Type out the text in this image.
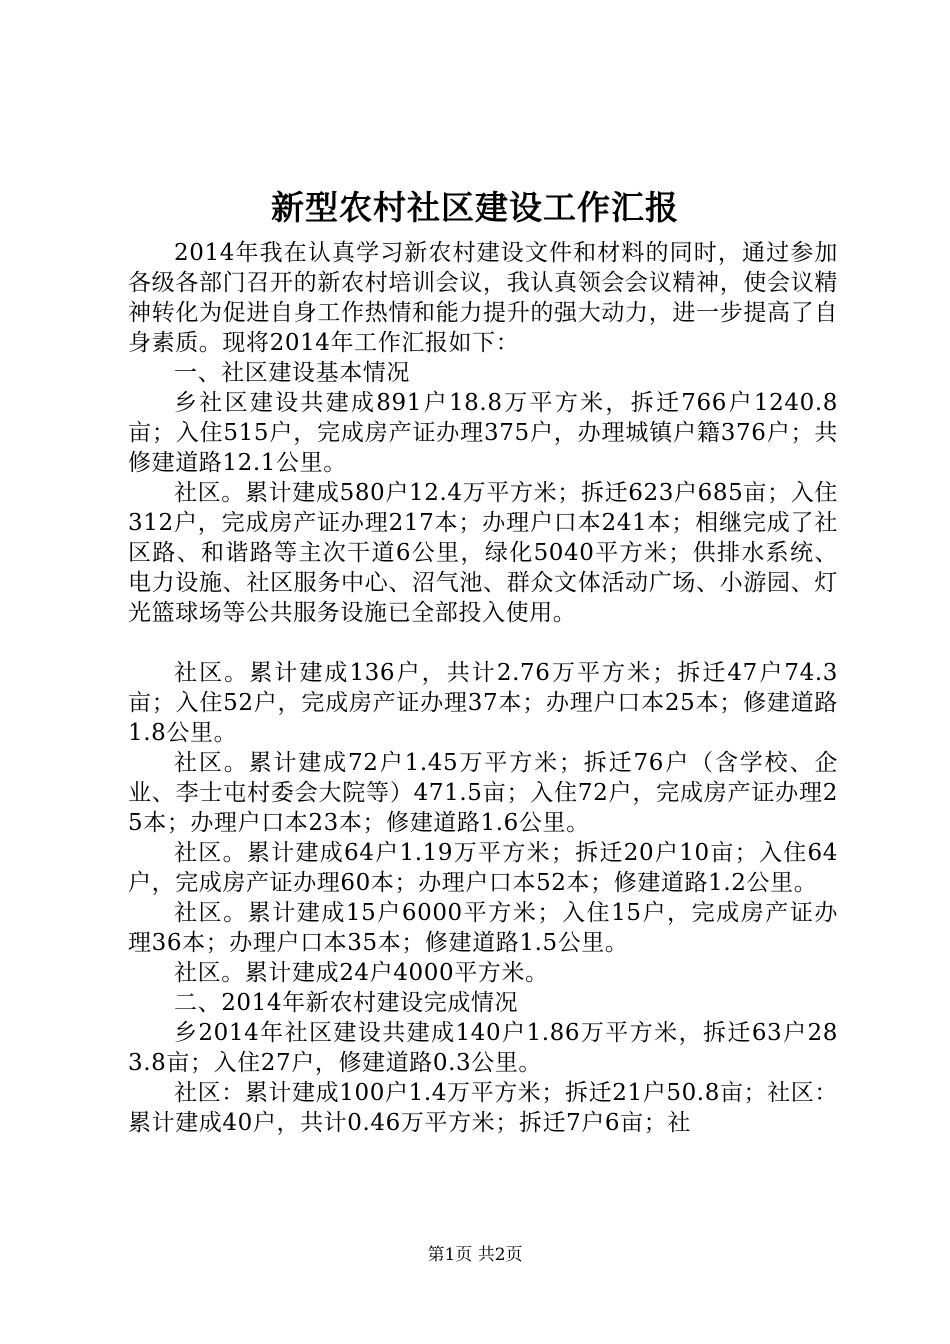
新型农村社区建设工作汇报

2014年我在认真学习新农村建设文件和材料的同时，通过参加各级各部门召开的新农村培训会议，我认真领会会议精神，使会议精神转化为促进自身工作热情和能力提升的强大动力，进一步提高了自身素质。现将2014年工作汇报如下：

一、社区建设基本情况

乡社区建设共建成891户18.8万平方米，拆迁766户1240.8亩；入住515户，完成房产证办理375户，办理城镇户籍376户；共修建道路12.1公里。

社区。累计建成580户12.4万平方米；拆迁623户685亩；入住312户，完成房产证办理217本；办理户口本241本；相继完成了社区路、和谐路等主次干道6公里，绿化5040平方米；供排水系统、电力设施、社区服务中心、沼气池、群众文体活动广场、小游园、灯光篮球场等公共服务设施已全部投入使用。

社区。累计建成136户，共计2.76万平方米；拆迁47户74.3亩；入住52户，完成房产证办理37本；办理户口本25本；修建道路1.8公里。

社区。累计建成72户1.45万平方米；拆迁76户（含学校、企业、李士屯村委会大院等）471.5亩；入住72户，完成房产证办理25本；办理户口本23本；修建道路1.6公里。

社区。累计建成64户1.19万平方米；拆迁20户10亩；入住64户，完成房产证办理60本；办理户口本52本；修建道路1.2公里。

社区。累计建成15户6000平方米；入住15户，完成房产证办理36本；办理户口本35本；修建道路1.5公里。

社区。累计建成24户4000平方米。

二、2014年新农村建设完成情况

乡2014年社区建设共建成140户1.86万平方米，拆迁63户283.8亩；入住27户，修建道路0.3公里。

社区：累计建成100户1.4万平方米；拆迁21户50.8亩；社区：累计建成40户，共计0.46万平方米；拆迁7户6亩；社

第1页 共2页
